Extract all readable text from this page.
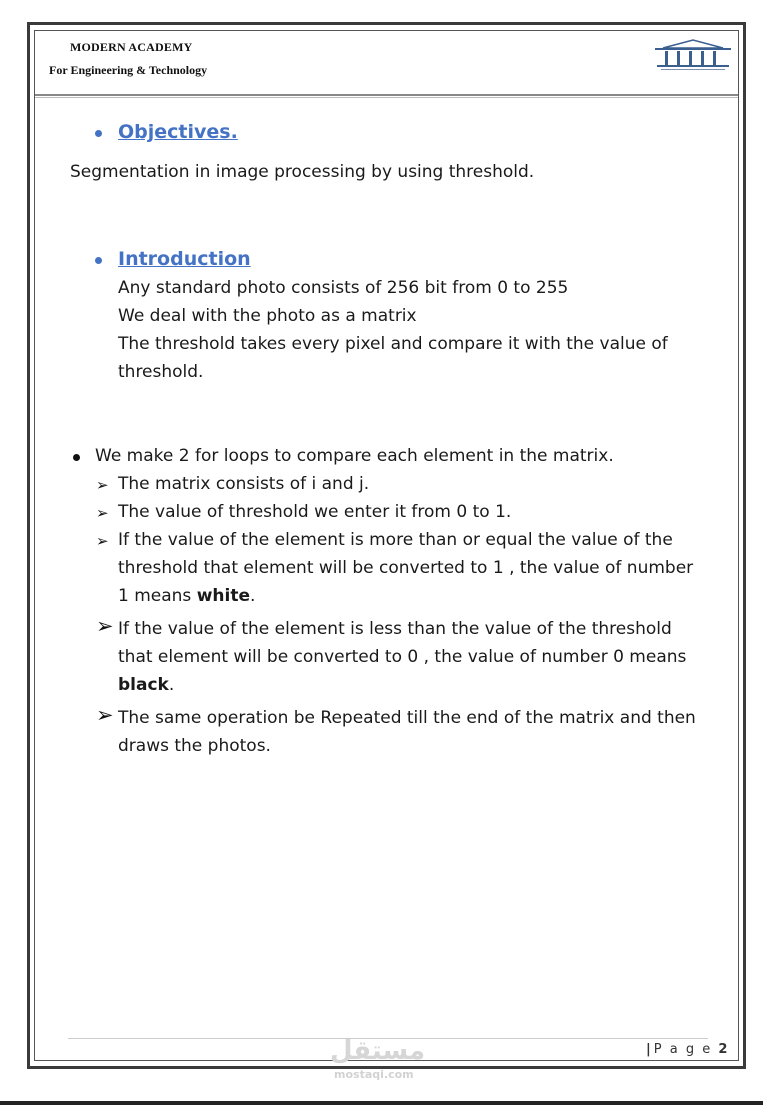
MODERN ACADEMY
For Engineering & Technology
Objectives.
Segmentation in image processing by using threshold.
Introduction
Any standard photo consists of 256 bit from 0 to 255
We deal with the photo as a matrix
The threshold takes every pixel and compare it with the value of
threshold.
We make 2 for loops to compare each element in the matrix.
➢ The matrix consists of i and j.
➢ The value of threshold we enter it from 0 to 1.
➢ If the value of the element is more than or equal the value of the
threshold that element will be converted to 1 , the value of number
1 means white.
➢ If the value of the element is less than the value of the threshold
that element will be converted to 0 , the value of number 0 means
black.
➢ The same operation be Repeated till the end of the matrix and then
draws the photos.
| P a g e 2
مستقل
mostaqi.com
